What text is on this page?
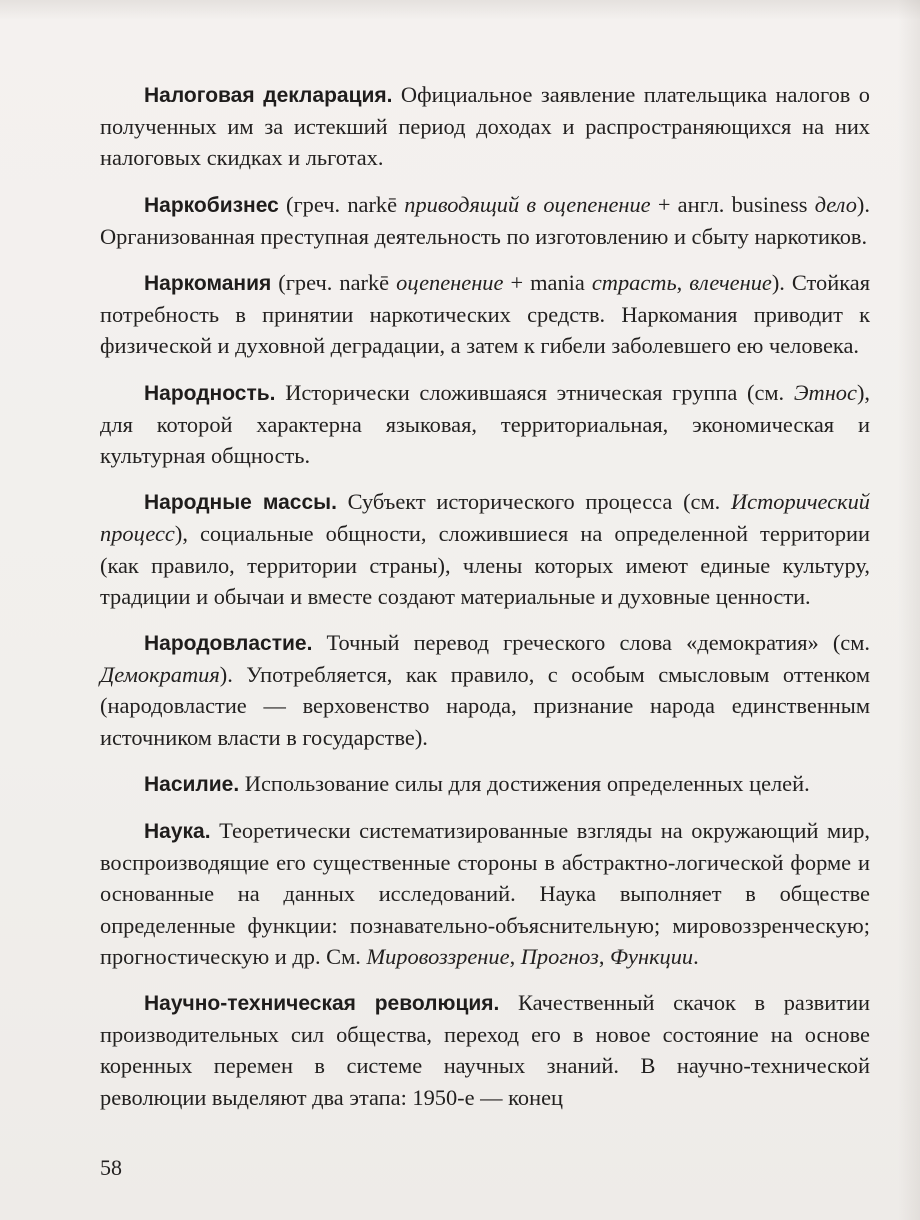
Налоговая декларация. Официальное заявление плательщика налогов о полученных им за истекший период доходах и распространяющихся на них налоговых скидках и льготах.

Наркобизнес (греч. narkē приводящий в оцепенение + англ. business дело). Организованная преступная деятельность по изготовлению и сбыту наркотиков.

Наркомания (греч. narkē оцепенение + mania страсть, влечение). Стойкая потребность в принятии наркотических средств. Наркомания приводит к физической и духовной деградации, а затем к гибели заболевшего ею человека.

Народность. Исторически сложившаяся этническая группа (см. Этнос), для которой характерна языковая, территориальная, экономическая и культурная общность.

Народные массы. Субъект исторического процесса (см. Исторический процесс), социальные общности, сложившиеся на определенной территории (как правило, территории страны), члены которых имеют единые культуру, традиции и обычаи и вместе создают материальные и духовные ценности.

Народовластие. Точный перевод греческого слова «демократия» (см. Демократия). Употребляется, как правило, с особым смысловым оттенком (народовластие — верховенство народа, признание народа единственным источником власти в государстве).

Насилие. Использование силы для достижения определенных целей.

Наука. Теоретически систематизированные взгляды на окружающий мир, воспроизводящие его существенные стороны в абстрактно-логической форме и основанные на данных исследований. Наука выполняет в обществе определенные функции: познавательно-объяснительную; мировоззренческую; прогностическую и др. См. Мировоззрение, Прогноз, Функции.

Научно-техническая революция. Качественный скачок в развитии производительных сил общества, переход его в новое состояние на основе коренных перемен в системе научных знаний. В научно-технической революции выделяют два этапа: 1950-е — конец

58
